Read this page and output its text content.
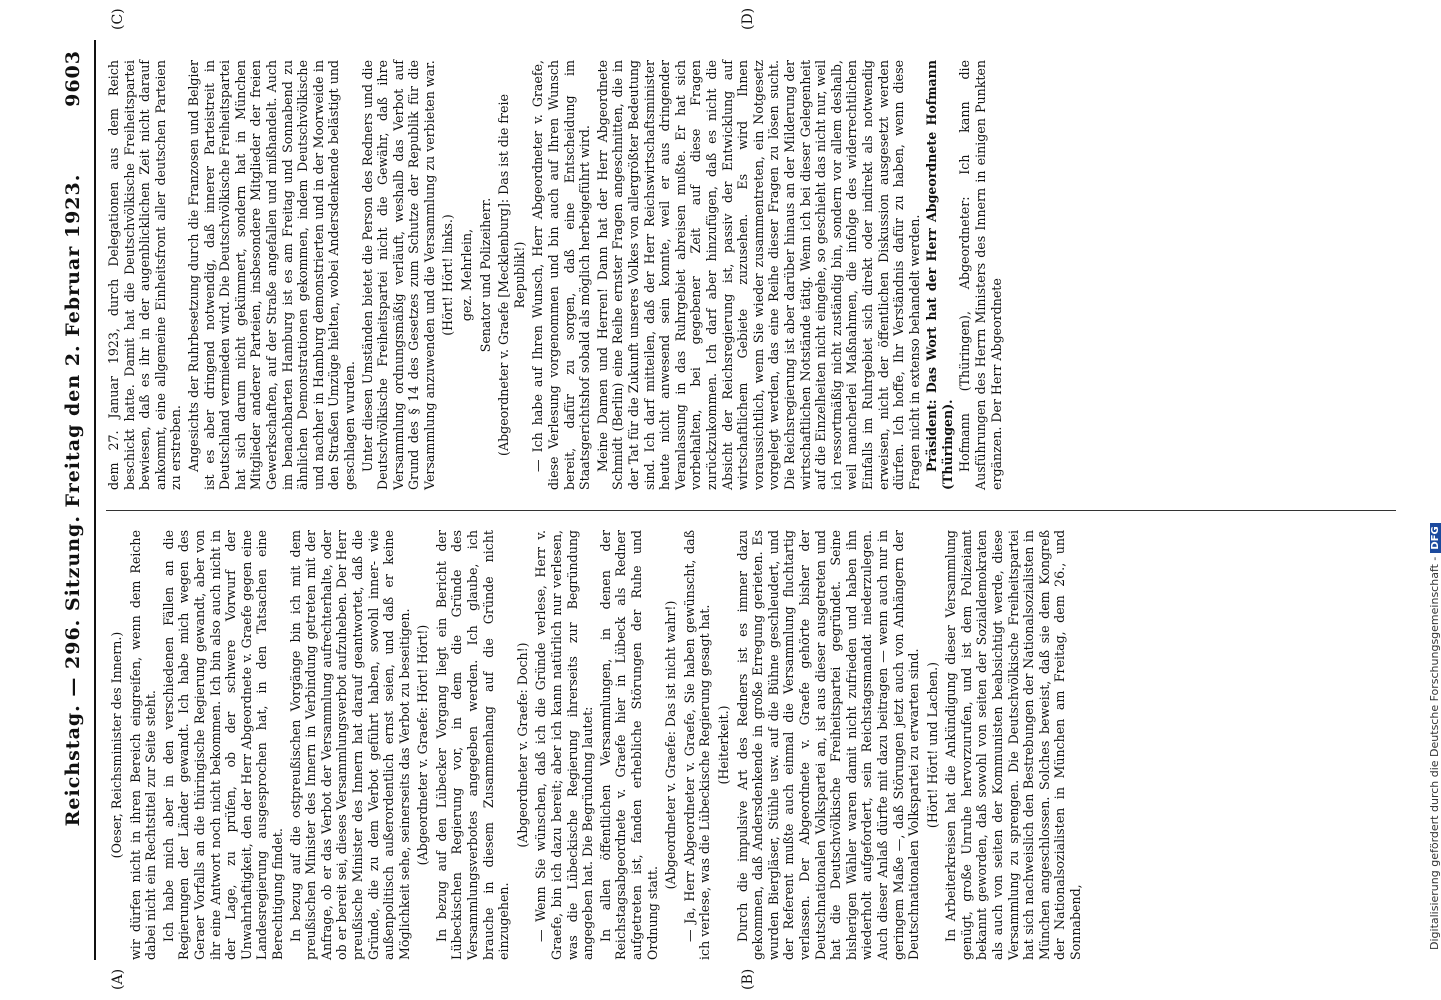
Reichstag. — 296. Sitzung. Freitag den 2. Februar 1923.
9603
(A)	(B)
(C)	(D)

(Oeser, Reichsminister des Innern.) wir dürfen nicht in ihren Bereich eingreifen, wenn dem Reiche dabei nicht ein Rechtstitel zur Seite steht. Ich habe mich aber in den verschiedenen Fällen an die Regierungen der Länder gewandt. Ich habe mich wegen des Geraer Vorfalls an die thüringische Regierung gewandt, aber von ihr eine Antwort noch nicht bekommen. Ich bin also auch nicht in der Lage, zu prüfen, ob der schwere Vorwurf der Unwahrhaftigkeit, den der Herr Abgeordnete v. Graefe gegen eine Landesregierung ausgesprochen hat, in den Tatsachen eine Berechtigung findet. In bezug auf die ostpreußischen Vorgänge bin ich mit dem preußischen Minister des Innern in Verbindung getreten mit der Anfrage, ob er das Verbot der Versammlung aufrechterhalte, oder ob er bereit sei, dieses Versammlungsverbot aufzuheben. Der Herr preußische Minister des Innern hat darauf geantwortet, daß die Gründe, die zu dem Verbot geführt haben, sowohl inner- wie außenpolitisch außerordentlich ernst seien, und daß er keine Möglichkeit sehe, seinerseits das Verbot zu beseitigen. (Abgeordneter v. Graefe: Hört! Hört!) In bezug auf den Lübecker Vorgang liegt ein Bericht der Lübeckischen Regierung vor, in dem die Gründe des Versammlungsverbotes angegeben werden. Ich glaube, ich brauche in diesem Zusammenhang auf die Gründe nicht einzugehen.

(Abgeordneter v. Graefe: Doch!) — Wenn Sie wünschen, daß ich die Gründe verlese, Herr v. Graefe, bin ich dazu bereit; aber ich kann natürlich nur verlesen, was die Lübeckische Regierung ihrerseits zur Begründung angegeben hat. Die Begründung lautet: In allen öffentlichen Versammlungen, in denen der Reichstagsabgeordnete v. Graefe hier in Lübeck als Redner aufgetreten ist, fanden erhebliche Störungen der Ruhe und Ordnung statt.

(Abgeordneter v. Graefe: Das ist nicht wahr!) — Ja, Herr Abgeordneter v. Graefe, Sie haben gewünscht, daß ich verlese, was die Lübeckische Regierung gesagt hat. (Heiterkeit.) Durch die impulsive Art des Redners ist es immer dazu gekommen, daß Andersdenkende in große Erregung gerieten. Es wurden Biergläser, Stühle usw. auf die Bühne geschleudert, und der Referent mußte auch einmal die Versammlung fluchtartig verlassen. Der Abgeordnete v. Graefe gehörte bisher der Deutschnationalen Volkspartei an, ist aus dieser ausgetreten und hat die Deutschvölkische Freiheitspartei gegründet. Seine bisherigen Wähler waren damit nicht zufrieden und haben ihn wiederholt aufgefordert, sein Reichstagsmandat niederzulegen. Auch dieser Anlaß dürfte mit dazu beitragen — wenn auch nur in geringem Maße —, daß Störungen jetzt auch von Anhängern der Deutschnationalen Volkspartei zu erwarten sind. (Hört! Hört! und Lachen.) In Arbeiterkreisen hat die Ankündigung dieser Versammlung genügt, große Unruhe hervorzurufen, und ist dem Polizeiamt bekannt geworden, daß sowohl von seiten der Sozialdemokraten als auch von seiten der Kommunisten beabsichtigt werde, diese Versammlung zu sprengen. Die Deutschvölkische Freiheitspartei hat sich nachweislich den Bestrebungen der Nationalsozialisten in München angeschlossen. Solches beweist, daß sie dem Kongreß der Nationalsozialisten in München am Freitag, dem 26., und Sonnabend,

dem 27. Januar 1923, durch Delegationen aus dem Reich beschickt hatte. Damit hat die Deutschvölkische Freiheitspartei bewiesen, daß es ihr in der augenblicklichen Zeit nicht darauf ankommt, eine allgemeine Einheitsfront aller deutschen Parteien zu erstreben. Angesichts der Ruhrbesetzung durch die Franzosen und Belgier ist es aber dringend notwendig, daß innerer Parteistreit in Deutschland vermieden wird. Die Deutschvölkische Freiheitspartei hat sich darum nicht gekümmert, sondern hat in München Mitglieder anderer Parteien, insbesondere Mitglieder der freien Gewerkschaften, auf der Straße angefallen und mißhandelt. Auch im benachbarten Hamburg ist es am Freitag und Sonnabend zu ähnlichen Demonstrationen gekommen, indem Deutschvölkische und nachher in Hamburg demonstrierten und in der Moorweide in den Straßen Umzüge hielten, wobei Andersdenkende belästigt und geschlagen wurden. Unter diesen Umständen bietet die Person des Redners und die Deutschvölkische Freiheitspartei nicht die Gewähr, daß ihre Versammlung ordnungsmäßig verläuft, weshalb das Verbot auf Grund des § 14 des Gesetzes zum Schutze der Republik für die Versammlung anzuwenden und die Versammlung zu verbieten war. (Hört! Hört! links.) gez. Mehrlein, Senator und Polizeiherr. (Abgeordneter v. Graefe [Mecklenburg]: Das ist die freie Republik!) — Ich habe auf Ihren Wunsch, Herr Abgeordneter v. Graefe, diese Verlesung vorgenommen und bin auch auf Ihren Wunsch bereit, dafür zu sorgen, daß eine Entscheidung im Staatsgerichtshof sobald als möglich herbeigeführt wird. Meine Damen und Herren! Dann hat der Herr Abgeordnete Schmidt (Berlin) eine Reihe ernster Fragen angeschnitten, die in der Tat für die Zukunft unseres Volkes von allergrößter Bedeutung sind. Ich darf mitteilen, daß der Herr Reichswirtschaftsminister heute nicht anwesend sein konnte, weil er aus dringender Veranlassung in das Ruhrgebiet abreisen mußte. Er hat sich vorbehalten, bei gegebener Zeit auf diese Fragen zurückzukommen. Ich darf aber hinzufügen, daß es nicht die Absicht der Reichsregierung ist, passiv der Entwicklung auf wirtschaftlichem Gebiete zuzusehen. Es wird Ihnen voraussichtlich, wenn Sie wieder zusammentreten, ein Notgesetz vorgelegt werden, das eine Reihe dieser Fragen zu lösen sucht. Die Reichsregierung ist aber darüber hinaus an der Milderung der wirtschaftlichen Notstände tätig. Wenn ich bei dieser Gelegenheit auf die Einzelheiten nicht eingehe, so geschieht das nicht nur, weil ich ressortmäßig nicht zuständig bin, sondern vor allem deshalb, weil mancherlei Maßnahmen, die infolge des widerrechtlichen Einfalls im Ruhrgebiet sich direkt oder indirekt als notwendig erweisen, nicht der öffentlichen Diskussion ausgesetzt werden dürfen. Ich hoffe, Ihr Verständnis dafür zu haben, wenn diese Fragen nicht in extenso behandelt werden. Präsident: Das Wort hat der Herr Abgeordnete Hofmann (Thüringen). Hofmann (Thüringen), Abgeordneter: Ich kann die Ausführungen des Herrn Ministers des Innern in einigen Punkten ergänzen. Der Herr Abgeordnete

Digitalisierung gefördert durch die Deutsche Forschungsgemeinschaft -DFG
